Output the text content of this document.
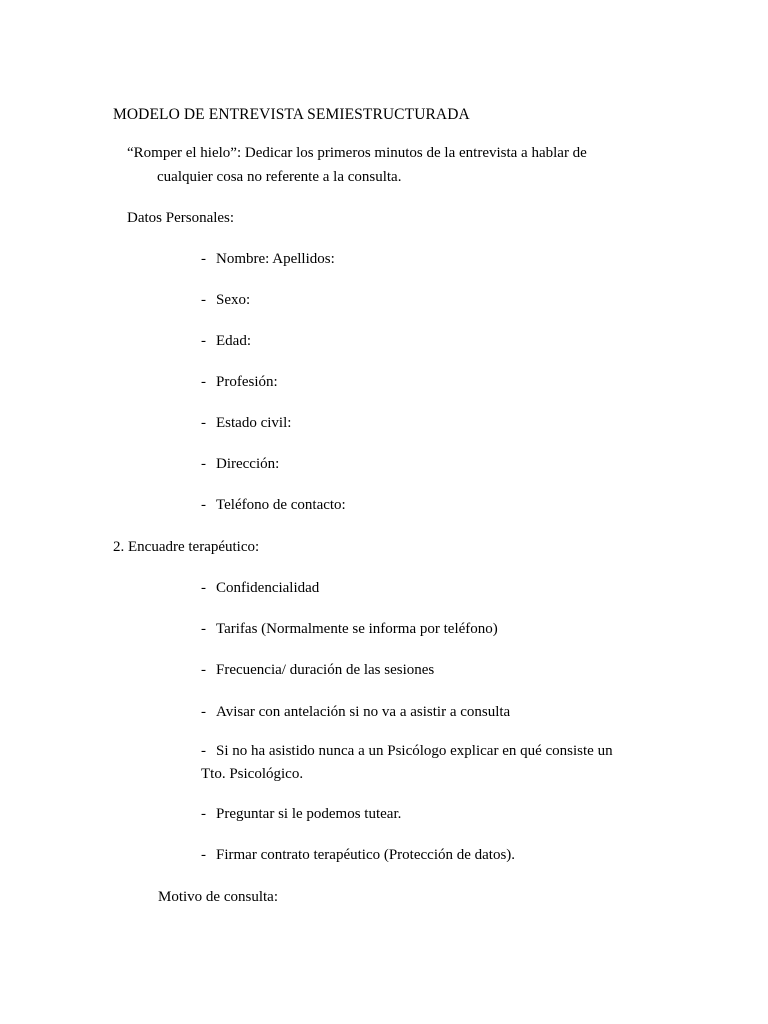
MODELO DE ENTREVISTA SEMIESTRUCTURADA
“Romper el hielo”: Dedicar los primeros minutos de la entrevista a hablar de
cualquier cosa no referente a la consulta.
Datos Personales:
- Nombre: Apellidos:
- Sexo:
- Edad:
- Profesión:
- Estado civil:
- Dirección:
- Teléfono de contacto:
2. Encuadre terapéutico:
- Confidencialidad
- Tarifas (Normalmente se informa por teléfono)
- Frecuencia/ duración de las sesiones
- Avisar con antelación si no va a asistir a consulta
- Si no ha asistido nunca a un Psicólogo explicar en qué consiste un
Tto. Psicológico.
- Preguntar si le podemos tutear.
- Firmar contrato terapéutico (Protección de datos).
Motivo de consulta:
